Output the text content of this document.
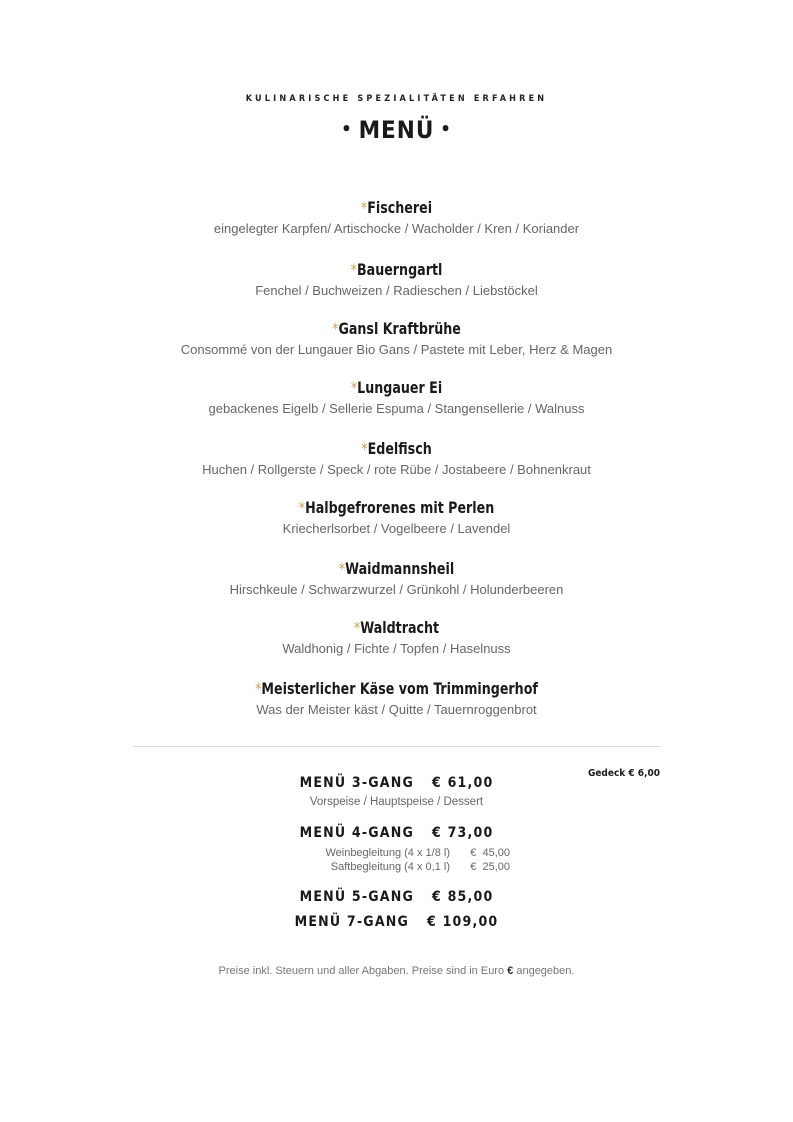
KULINARISCHE SPEZIALITÄTEN ERFAHREN
• MENÜ •
*Fischerei
eingelegter Karpfen/ Artischocke / Wacholder / Kren / Koriander
*Bauerngartl
Fenchel / Buchweizen / Radieschen / Liebstöckel
*Gansl Kraftbrühe
Consommé von der Lungauer Bio Gans / Pastete mit Leber, Herz & Magen
*Lungauer Ei
gebackenes Eigelb / Sellerie Espuma / Stangensellerie / Walnuss
*Edelfisch
Huchen / Rollgerste / Speck / rote Rübe / Jostabeere / Bohnenkraut
*Halbgefrorenes mit Perlen
Kriecherlsorbet / Vogelbeere / Lavendel
*Waidmannsheil
Hirschkeule / Schwarzwurzel / Grünkohl / Holunderbeeren
*Waldtracht
Waldhonig / Fichte / Topfen / Haselnuss
*Meisterlicher Käse vom Trimmingerhof
Was der Meister käst / Quitte / Tauernroggenbrot
Gedeck € 6,00
MENÜ 3-GANG € 61,00
Vorspeise / Hauptspeise / Dessert
MENÜ 4-GANG € 73,00
Weinbegleitung (4 x 1/8 l)	€  45,00
Saftbegleitung (4 x 0,1 l)	€  25,00
MENÜ 5-GANG € 85,00
MENÜ 7-GANG € 109,00
Preise inkl. Steuern und aller Abgaben. Preise sind in Euro € angegeben.
